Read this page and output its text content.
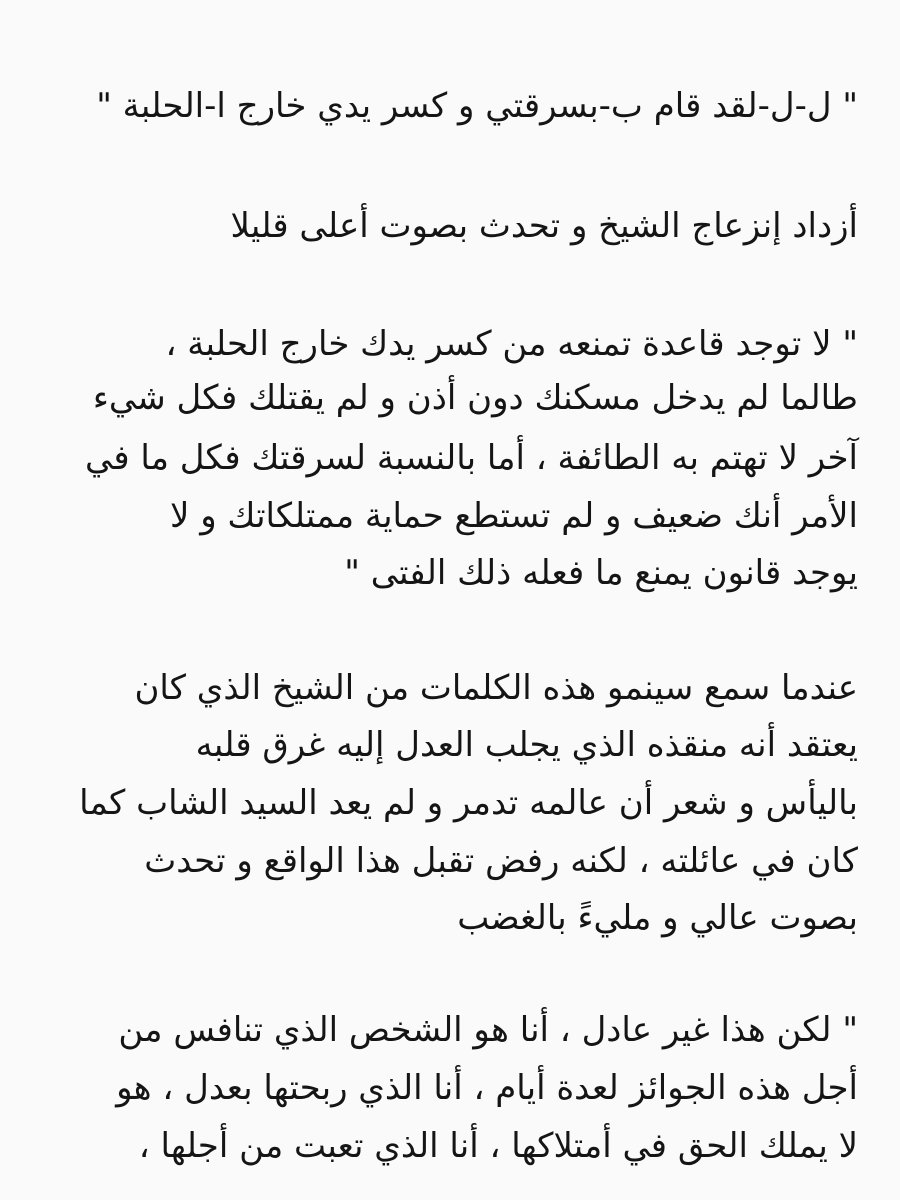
" ل-ل-لقد قام ب-بسرقتي و كسر يدي خارج ا-الحلبة "
أزداد إنزعاج الشيخ و تحدث بصوت أعلى قليلا
" لا توجد قاعدة تمنعه من كسر يدك خارج الحلبة ،
طالما لم يدخل مسكنك دون أذن و لم يقتلك فكل شيء
آخر لا تهتم به الطائفة ، أما بالنسبة لسرقتك فكل ما في
الأمر أنك ضعيف و لم تستطع حماية ممتلكاتك و لا
يوجد قانون يمنع ما فعله ذلك الفتى "
عندما سمع سينمو هذه الكلمات من الشيخ الذي كان
يعتقد أنه منقذه الذي يجلب العدل إليه غرق قلبه
باليأس و شعر أن عالمه تدمر و لم يعد السيد الشاب كما
كان في عائلته ، لكنه رفض تقبل هذا الواقع و تحدث
بصوت عالي و مليءً بالغضب
" لكن هذا غير عادل ، أنا هو الشخص الذي تنافس من
أجل هذه الجوائز لعدة أيام ، أنا الذي ربحتها بعدل ، هو
لا يملك الحق في أمتلاكها ، أنا الذي تعبت من أجلها ،
